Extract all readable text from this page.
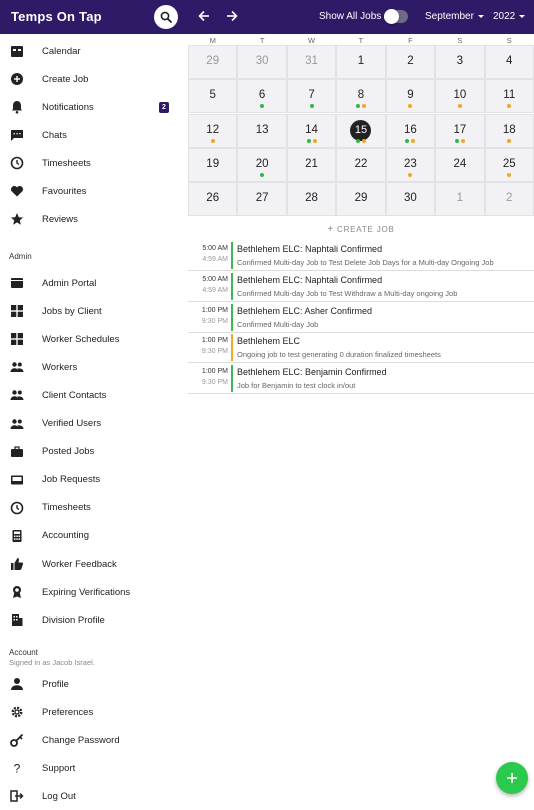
Temps On Tap	Show All Jobs	September 2022
Calendar
Create Job
Notifications	2
Chats
Timesheets
Favourites
Reviews
Admin
Admin Portal
Jobs by Client
Worker Schedules
Workers
Client Contacts
Verified Users
Posted Jobs
Job Requests
Timesheets
Accounting
Worker Feedback
Expiring Verifications
Division Profile
Account
Signed in as Jacob Israel.
Profile
Preferences
Change Password
? Support
Log Out
M	T	W	T	F	S	S
29	30	31	1	2	3	4
5	6	7	8	9	10	11
12	13	14	15	16	17	18
19	20	21	22	23	24	25
26	27	28	29	30	1	2
+ CREATE JOB
5:00 AM
4:59 AM
Bethlehem ELC: Naphtali Confirmed
Confirmed Multi-day Job to Test Delete Job Days for a Multi-day Ongoing Job
5:00 AM
4:59 AM
Bethlehem ELC: Naphtali Confirmed
Confirmed Multi-day Job to Test Withdraw a Multi-day ongoing Job
1:00 PM
9:30 PM
Bethlehem ELC: Asher Confirmed
Confirmed Multi-day Job
1:00 PM
9:30 PM
Bethlehem ELC
Ongoing job to test generating 0 duration finalized timesheets
1:00 PM
9:30 PM
Bethlehem ELC: Benjamin Confirmed
Job for Benjamin to test clock in/out
